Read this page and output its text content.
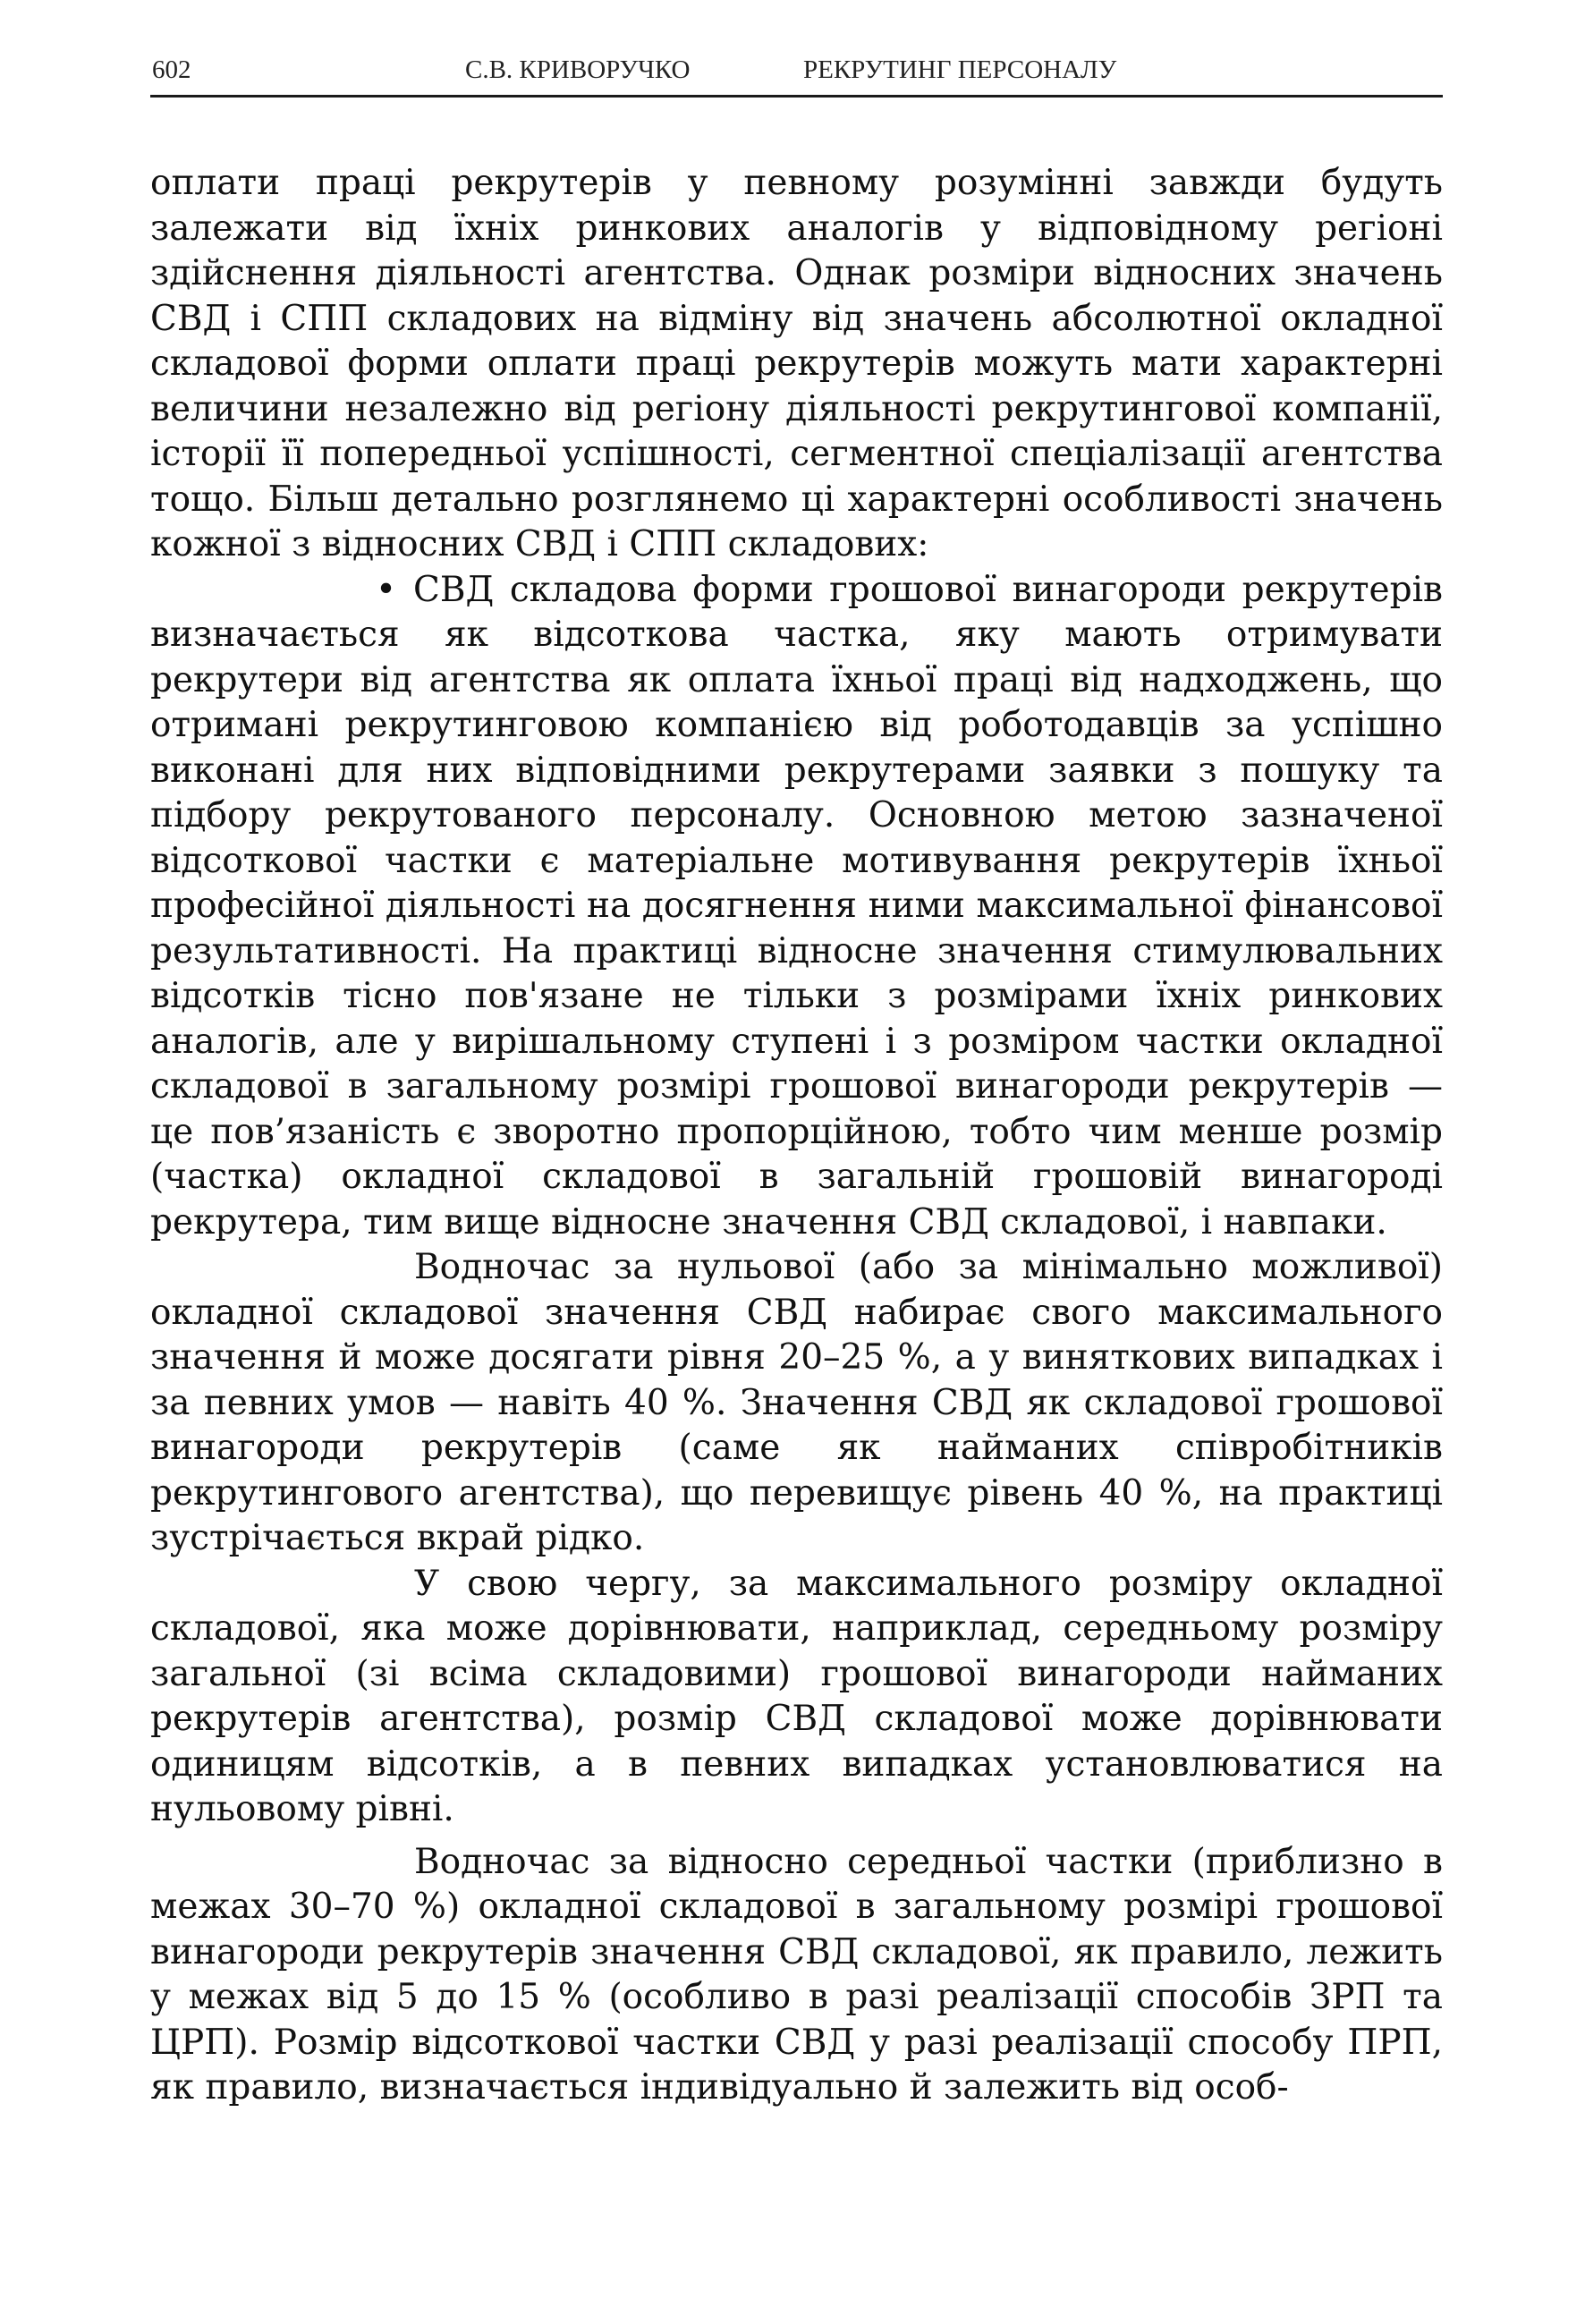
602	С.В. КРИВОРУЧКО	РЕКРУТИНГ ПЕРСОНАЛУ

оплати праці рекрутерів у певному розумінні завжди будуть залежати від їхніх ринкових аналогів у відповідному регіоні здійснення діяльності агентства. Однак розміри відносних значень СВД і СПП складових на відміну від значень абсолютної окладної складової форми оплати праці рекрутерів можуть мати характерні величини незалежно від регіону діяльності рекрутингової компанії, історії її попередньої успішності, сегментної спеціалізації агентства тощо. Більш детально розглянемо ці характерні особливості значень кожної з відносних СВД і СПП складових:

• СВД складова форми грошової винагороди рекрутерів визначається як відсоткова частка, яку мають отримувати рекрутери від агентства як оплата їхньої праці від надходжень, що отримані рекрутинговою компанією від роботодавців за успішно виконані для них відповідними рекрутерами заявки з пошуку та підбору рекрутованого персоналу. Основною метою зазначеної відсоткової частки є матеріальне мотивування рекрутерів їхньої професійної діяльності на досягнення ними максимальної фінансової результативності. На практиці відносне значення стимулювальних відсотків тісно пов'язане не тільки з розмірами їхніх ринкових аналогів, але у вирішальному ступені і з розміром частки окладної складової в загальному розмірі грошової винагороди рекрутерів — це пов’язаність є зворотно пропорційною, тобто чим менше розмір (частка) окладної складової в загальній грошовій винагороді рекрутера, тим вище відносне значення СВД складової, і навпаки.

Водночас за нульової (або за мінімально можливої) окладної складової значення СВД набирає свого максимального значення й може досягати рівня 20–25 %, а у виняткових випадках і за певних умов — навіть 40 %. Значення СВД як складової грошової винагороди рекрутерів (саме як найманих співробітників рекрутингового агентства), що перевищує рівень 40 %, на практиці зустрічається вкрай рідко.

У свою чергу, за максимального розміру окладної складової, яка може дорівнювати, наприклад, середньому розміру загальної (зі всіма складовими) грошової винагороди найманих рекрутерів агентства), розмір СВД складової може дорівнювати одиницям відсотків, а в певних випадках установлюватися на нульовому рівні.

Водночас за відносно середньої частки (приблизно в межах 30–70 %) окладної складової в загальному розмірі грошової винагороди рекрутерів значення СВД складової, як правило, лежить у межах від 5 до 15 % (особливо в разі реалізації способів ЗРП та ЦРП). Розмір відсоткової частки СВД у разі реалізації способу ПРП, як правило, визначається індивідуально й залежить від особ-
